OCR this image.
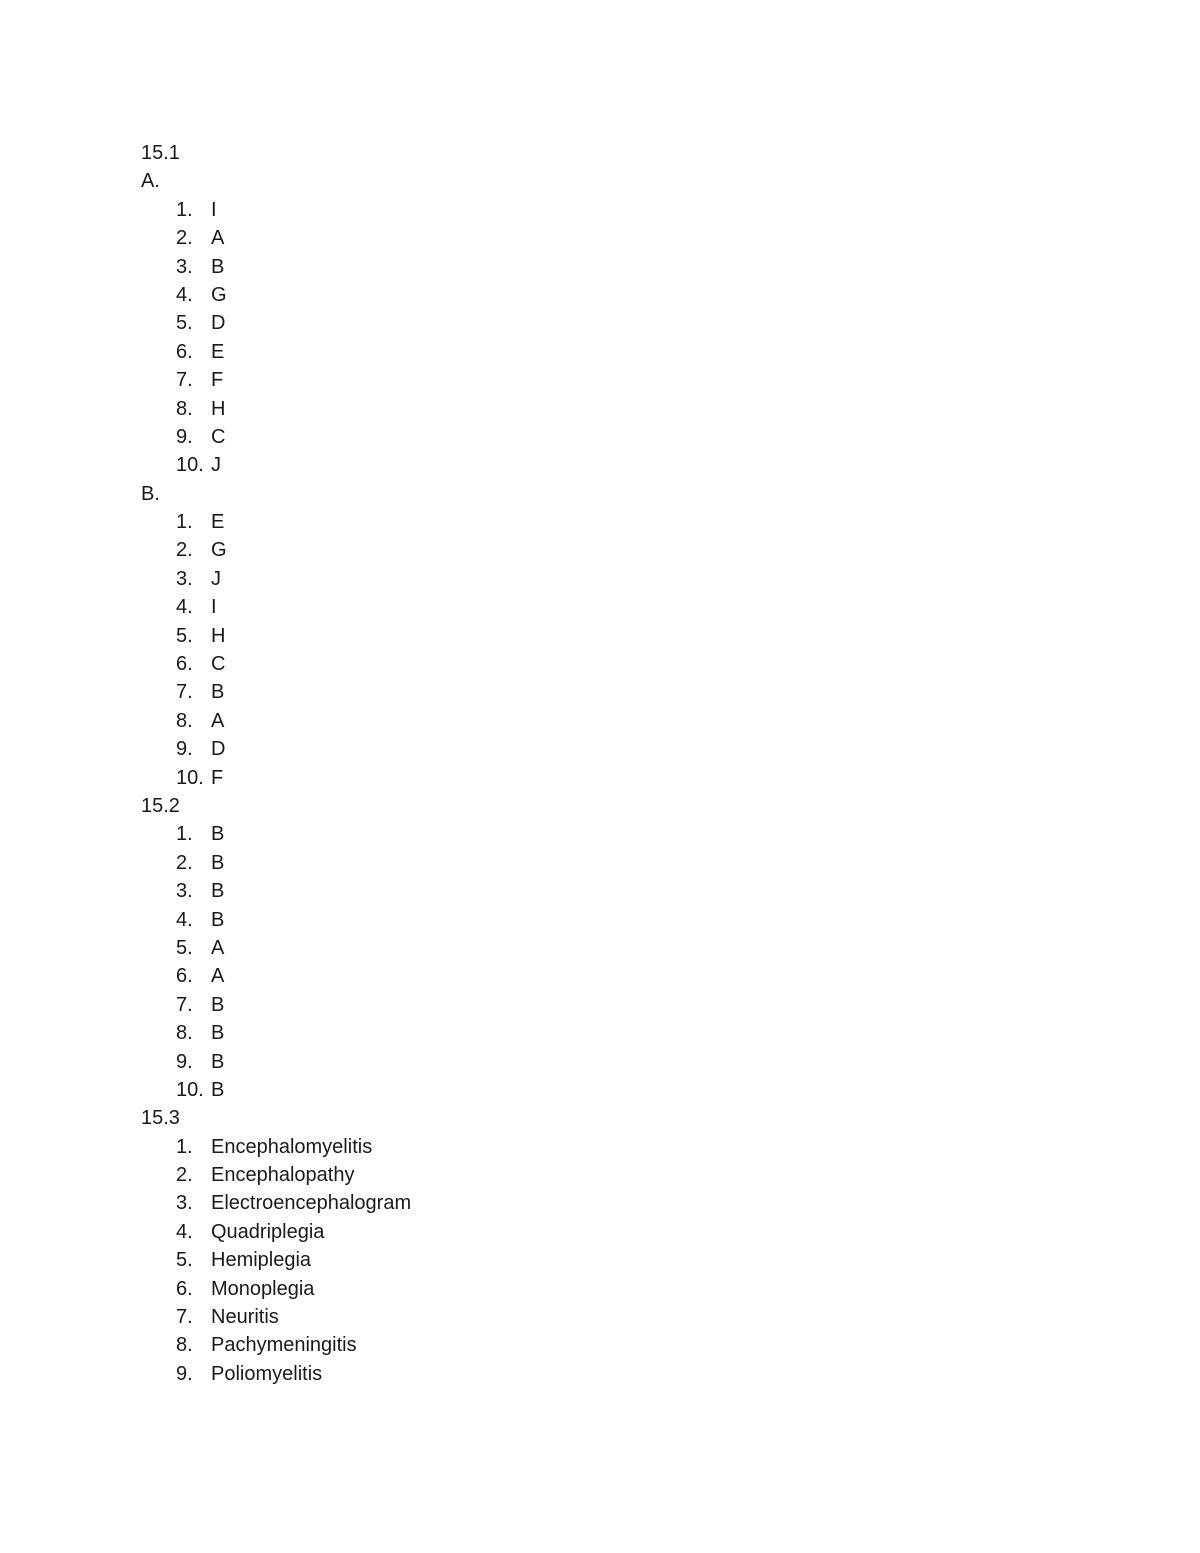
15.1
A.
1. I
2. A
3. B
4. G
5. D
6. E
7. F
8. H
9. C
10. J
B.
1. E
2. G
3. J
4. I
5. H
6. C
7. B
8. A
9. D
10. F
15.2
1. B
2. B
3. B
4. B
5. A
6. A
7. B
8. B
9. B
10. B
15.3
1. Encephalomyelitis
2. Encephalopathy
3. Electroencephalogram
4. Quadriplegia
5. Hemiplegia
6. Monoplegia
7. Neuritis
8. Pachymeningitis
9. Poliomyelitis
